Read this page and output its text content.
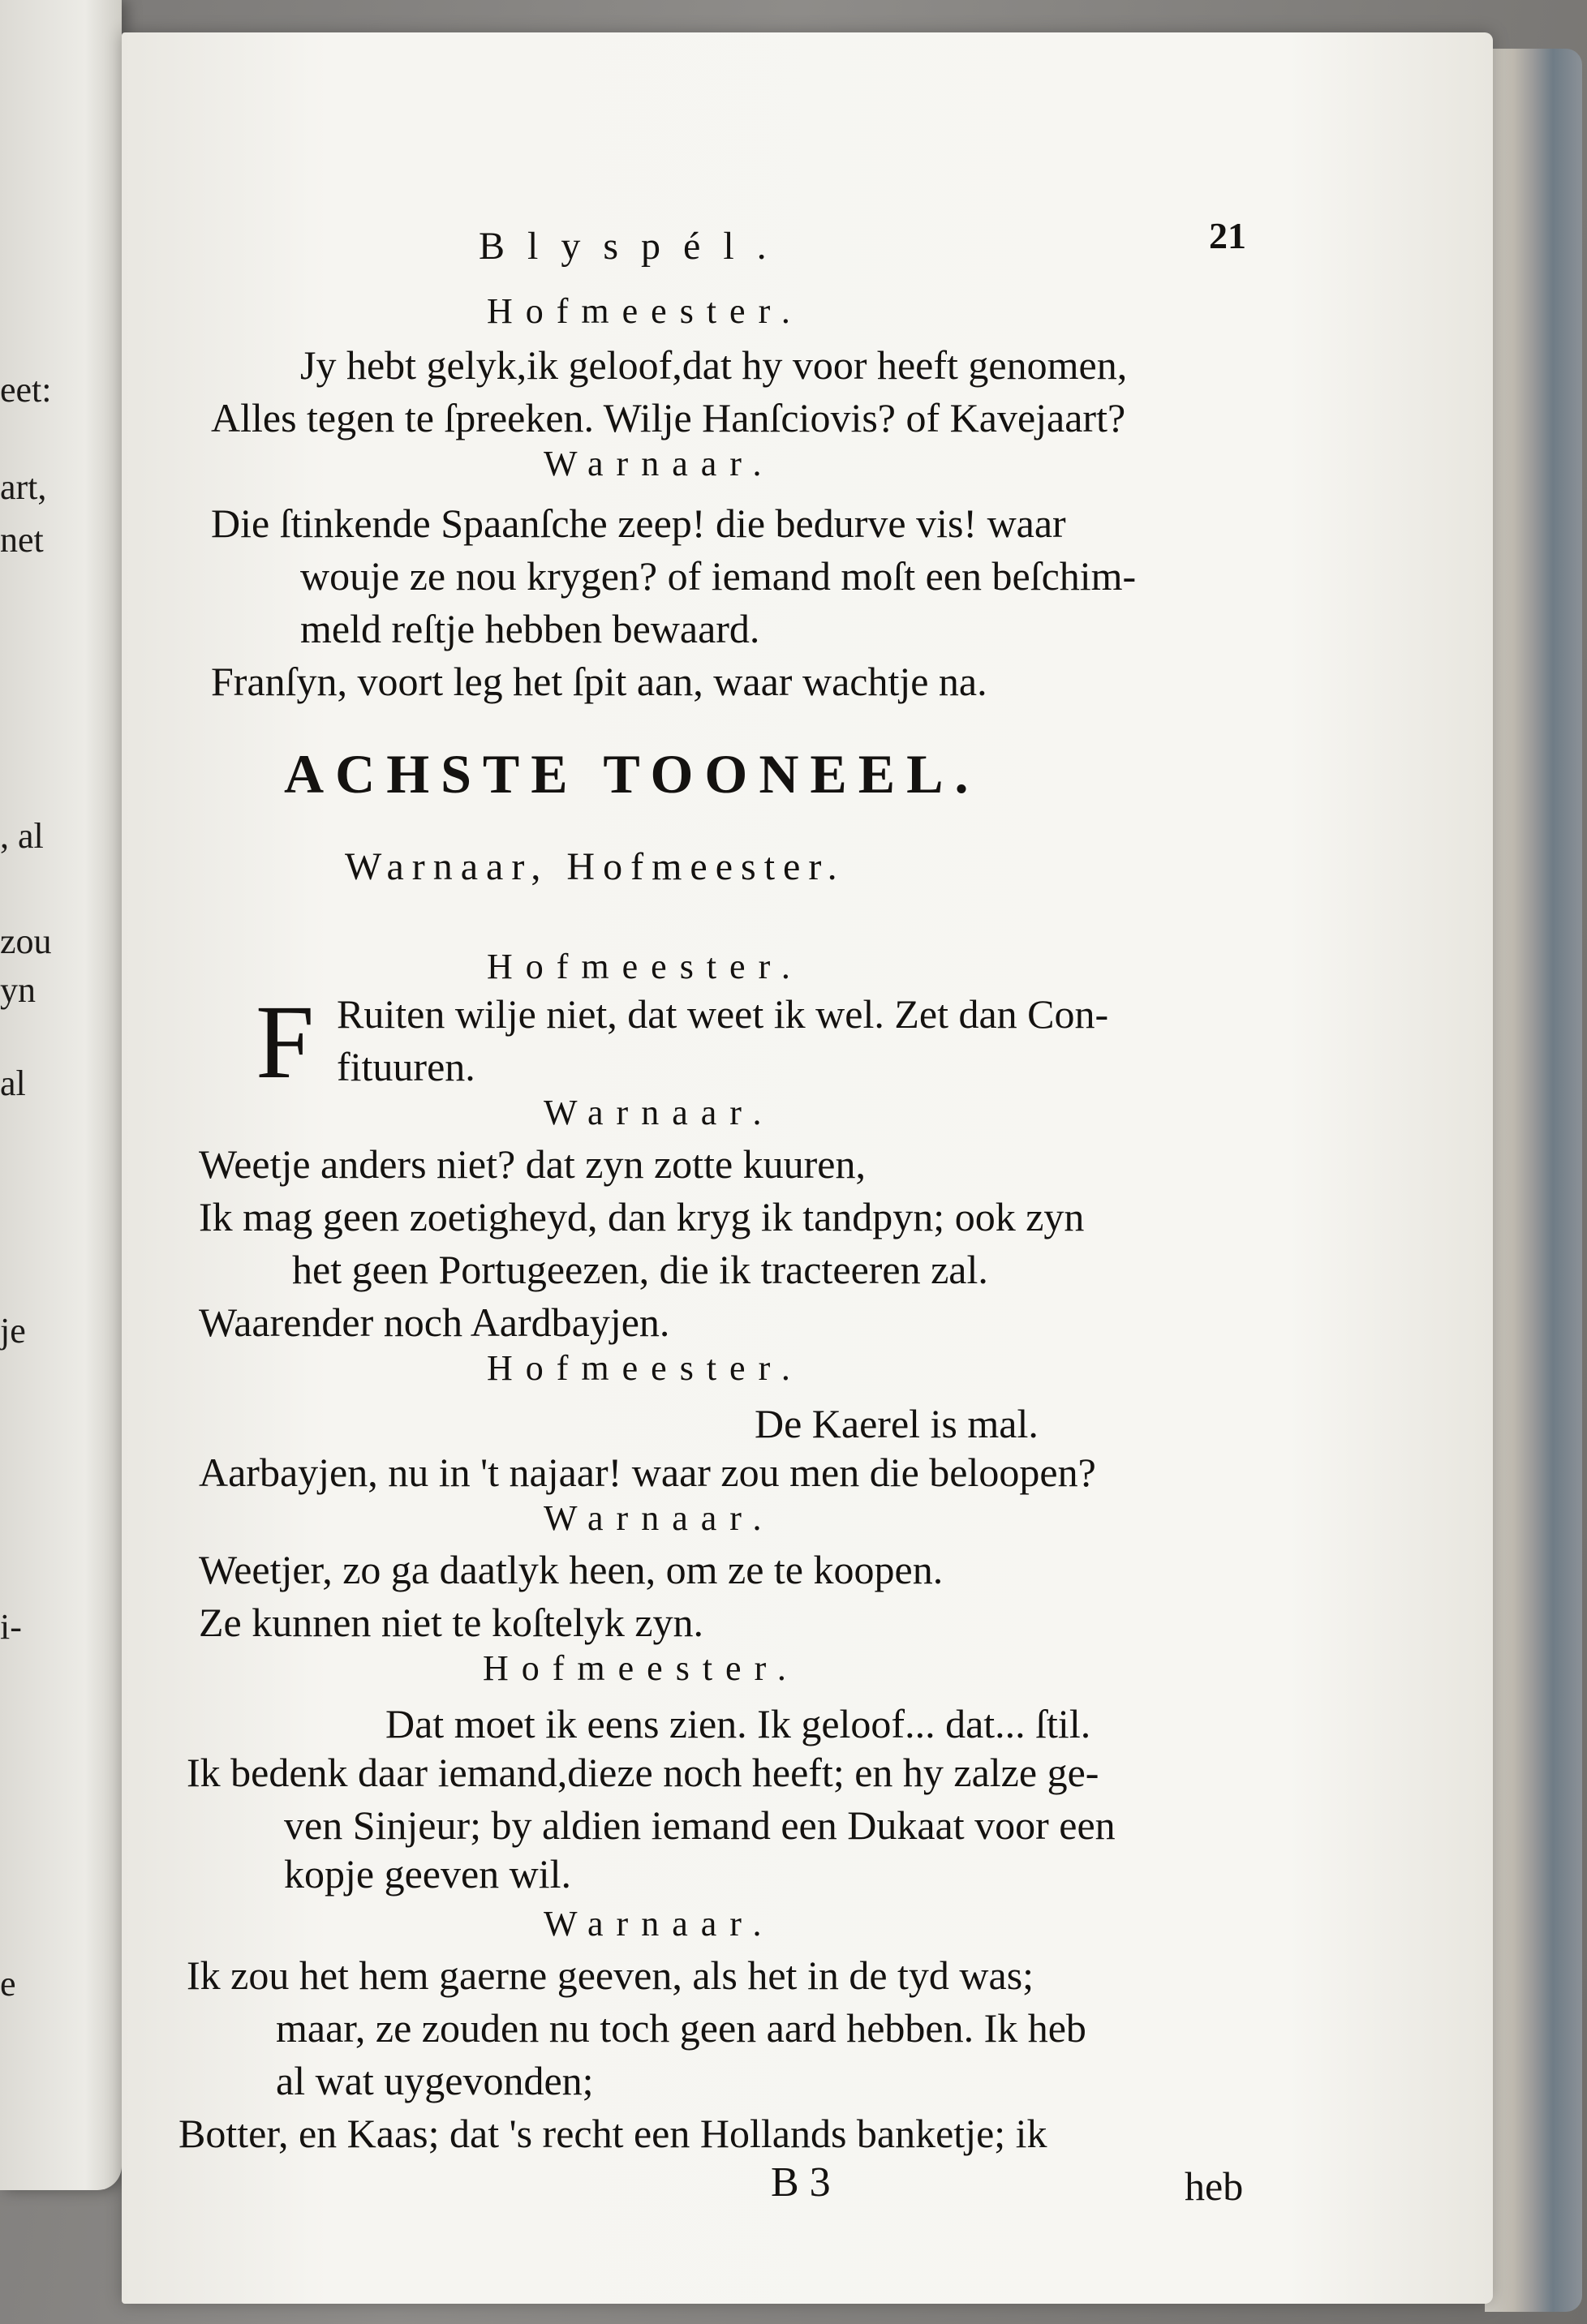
eet:
art,
net
, al
zou
yn
al
je
i-
e
Blyspél.	21
Hofmeester.
Jy hebt gelyk,ik geloof,dat hy voor heeft genomen,
Alles tegen te ſpreeken. Wilje Hanſciovis? of Kavejaart?
Warnaar.
Die ſtinkende Spaanſche zeep! die bedurve vis! waar
wouje ze nou krygen? of iemand moſt een beſchim-
meld reſtje hebben bewaard.
Franſyn, voort leg het ſpit aan, waar wachtje na.
ACHSTE TOONEEL.
Warnaar, Hofmeester.
Hofmeester.
F Ruiten wilje niet, dat weet ik wel. Zet dan Con-
fituuren.
Warnaar.
Weetje anders niet? dat zyn zotte kuuren,
Ik mag geen zoetigheyd, dan kryg ik tandpyn; ook zyn
het geen Portugeezen, die ik tracteeren zal.
Waarender noch Aardbayjen.
Hofmeester.
De Kaerel is mal.
Aarbayjen, nu in 't najaar! waar zou men die beloopen?
Warnaar.
Weetjer, zo ga daatlyk heen, om ze te koopen.
Ze kunnen niet te koſtelyk zyn.
Hofmeester.
Dat moet ik eens zien. Ik geloof... dat... ſtil.
Ik bedenk daar iemand,dieze noch heeft; en hy zalze ge-
ven Sinjeur; by aldien iemand een Dukaat voor een
kopje geeven wil.
Warnaar.
Ik zou het hem gaerne geeven, als het in de tyd was;
maar, ze zouden nu toch geen aard hebben. Ik heb
al wat uygevonden;
Botter, en Kaas; dat 's recht een Hollands banketje; ik
B 3	heb
